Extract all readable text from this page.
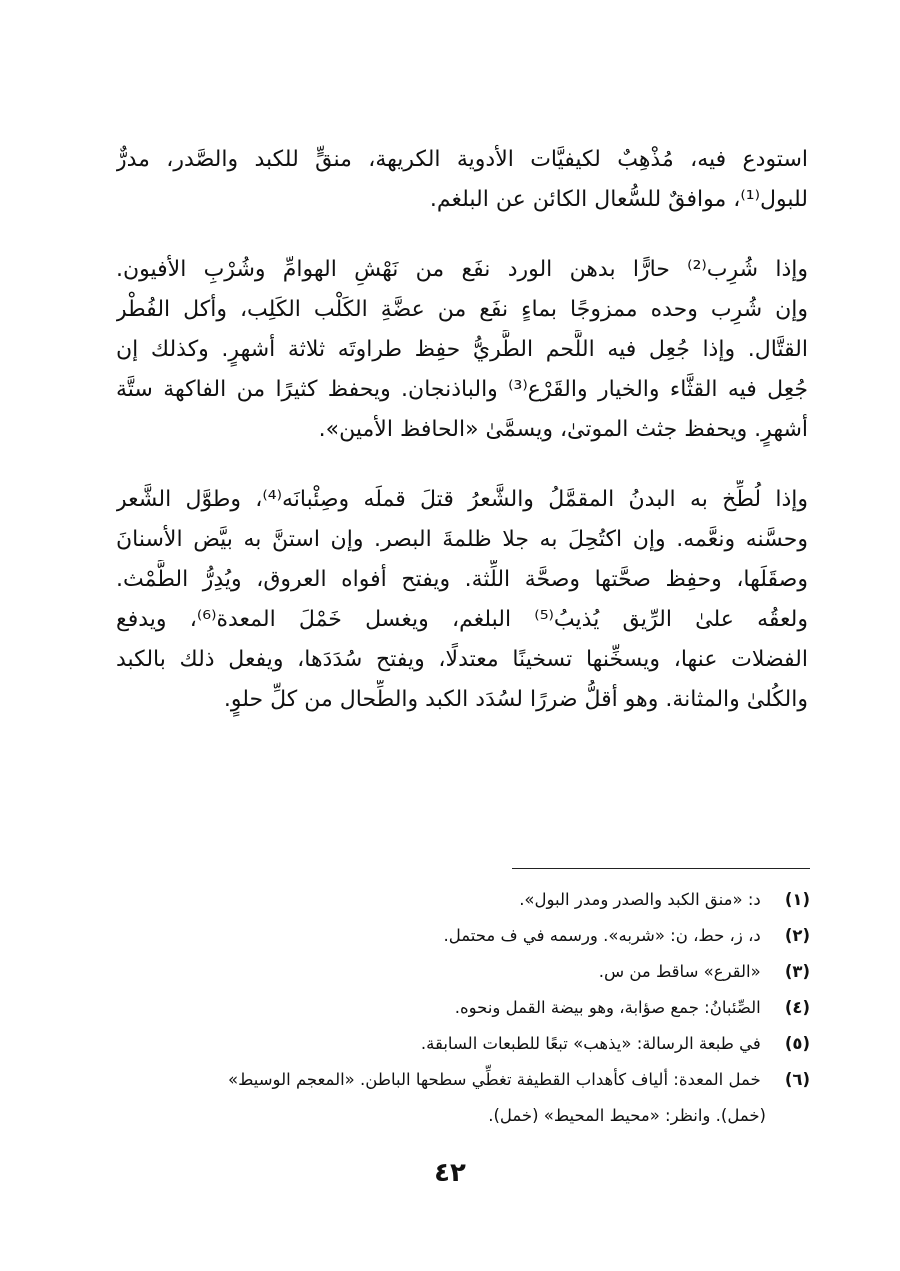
استودع فيه، مُذْهِبٌ لكيفيَّات الأدوية الكريهة، منقٍّ للكبد والصَّدر، مدرٌّ
للبول⁽¹⁾، موافقٌ للسُّعال الكائن عن البلغم.
وإذا شُرِب⁽²⁾ حارًّا بدهن الورد نفَع من نَهْشِ الهوامِّ وشُرْبِ الأفيون.
وإن شُرِب وحده ممزوجًا بماءٍ نفَع من عضَّةِ الكَلْب الكَلِب، وأكل الفُطْر
القتَّال. وإذا جُعِل فيه اللَّحم الطَّريُّ حفِظ طراوتَه ثلاثة أشهرٍ. وكذلك إن
جُعِل فيه القثَّاء والخيار والقَرْع⁽³⁾ والباذنجان. ويحفظ كثيرًا من الفاكهة ستَّة
أشهرٍ. ويحفظ جثث الموتىٰ، ويسمَّىٰ «الحافظ الأمين».
وإذا لُطِّخ به البدنُ المقمَّلُ والشَّعرُ قتلَ قملَه وصِئْبانَه⁽⁴⁾، وطوَّل الشَّعر
وحسَّنه ونعَّمه. وإن اكتُحِلَ به جلا ظلمةَ البصر. وإن استنَّ به بيَّض الأسنانَ
وصقَلَها، وحفِظ صحَّتها وصحَّة اللِّثة. ويفتح أفواه العروق، ويُدِرُّ الطَّمْث.
ولعقُه علىٰ الرِّيق يُذيبُ⁽⁵⁾ البلغم، ويغسل خَمْلَ المعدة⁽⁶⁾، ويدفع
الفضلات عنها، ويسخِّنها تسخينًا معتدلًا، ويفتح سُدَدَها، ويفعل ذلك بالكبد
والكُلىٰ والمثانة. وهو أقلُّ ضررًا لسُدَد الكبد والطِّحال من كلِّ حلوٍ.
(١) د: «منق الكبد والصدر ومدر البول».
(٢) د، ز، حط، ن: «شربه». ورسمه في ف محتمل.
(٣) «القرع» ساقط من س.
(٤) الصِّئبانُ: جمع صؤابة، وهو بيضة القمل ونحوه.
(٥) في طبعة الرسالة: «يذهب» تبعًا للطبعات السابقة.
(٦) خمل المعدة: ألياف كأهداب القطيفة تغطِّي سطحها الباطن. «المعجم الوسيط»
(خمل). وانظر: «محيط المحيط» (خمل).
٤٢
